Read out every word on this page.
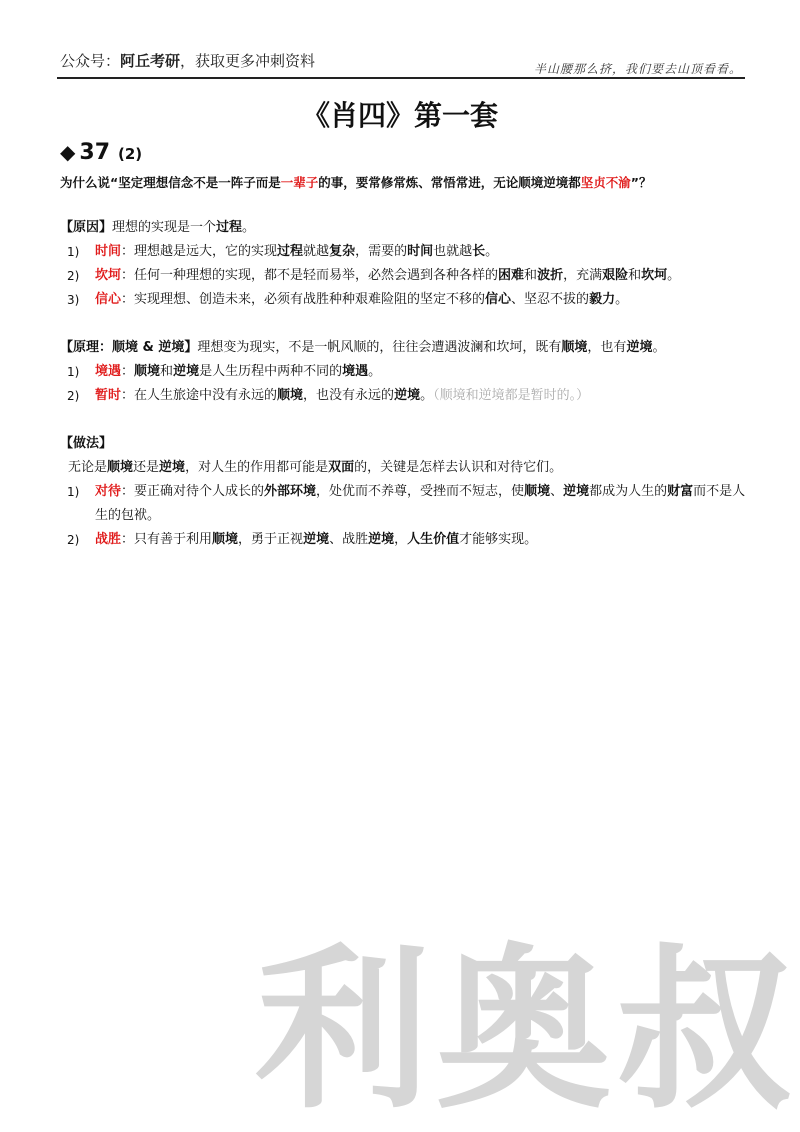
公众号：阿丘考研，获取更多冲刺资料	半山腰那么挤，我们要去山顶看看。
《肖四》第一套
◆ 37 (2)
为什么说“坚定理想信念不是一阵子而是一辈子的事，要常修常炼、常悟常进，无论顺境逆境都坚贞不渝”？
【原因】理想的实现是一个过程。
1)	时间：理想越是远大，它的实现过程就越复杂，需要的时间也就越长。
2)	坎坷：任何一种理想的实现，都不是轻而易举，必然会遇到各种各样的困难和波折，充满艰险和坎坷。
3)	信心：实现理想、创造未来，必须有战胜种种艰难险阻的坚定不移的信心、坚忍不拔的毅力。
【原理：顺境 & 逆境】理想变为现实，不是一帆风顺的，往往会遭遇波澜和坎坷，既有顺境，也有逆境。
1)	境遇：顺境和逆境是人生历程中两种不同的境遇。
2)	暂时：在人生旅途中没有永远的顺境，也没有永远的逆境。（顺境和逆境都是暂时的。）
【做法】
无论是顺境还是逆境，对人生的作用都可能是双面的，关键是怎样去认识和对待它们。
1)	对待：要正确对待个人成长的外部环境，处优而不养尊，受挫而不短志，使顺境、逆境都成为人生的财富而不是人生的包袱。
2)	战胜：只有善于利用顺境，勇于正视逆境、战胜逆境，人生价值才能够实现。
利奥叔
